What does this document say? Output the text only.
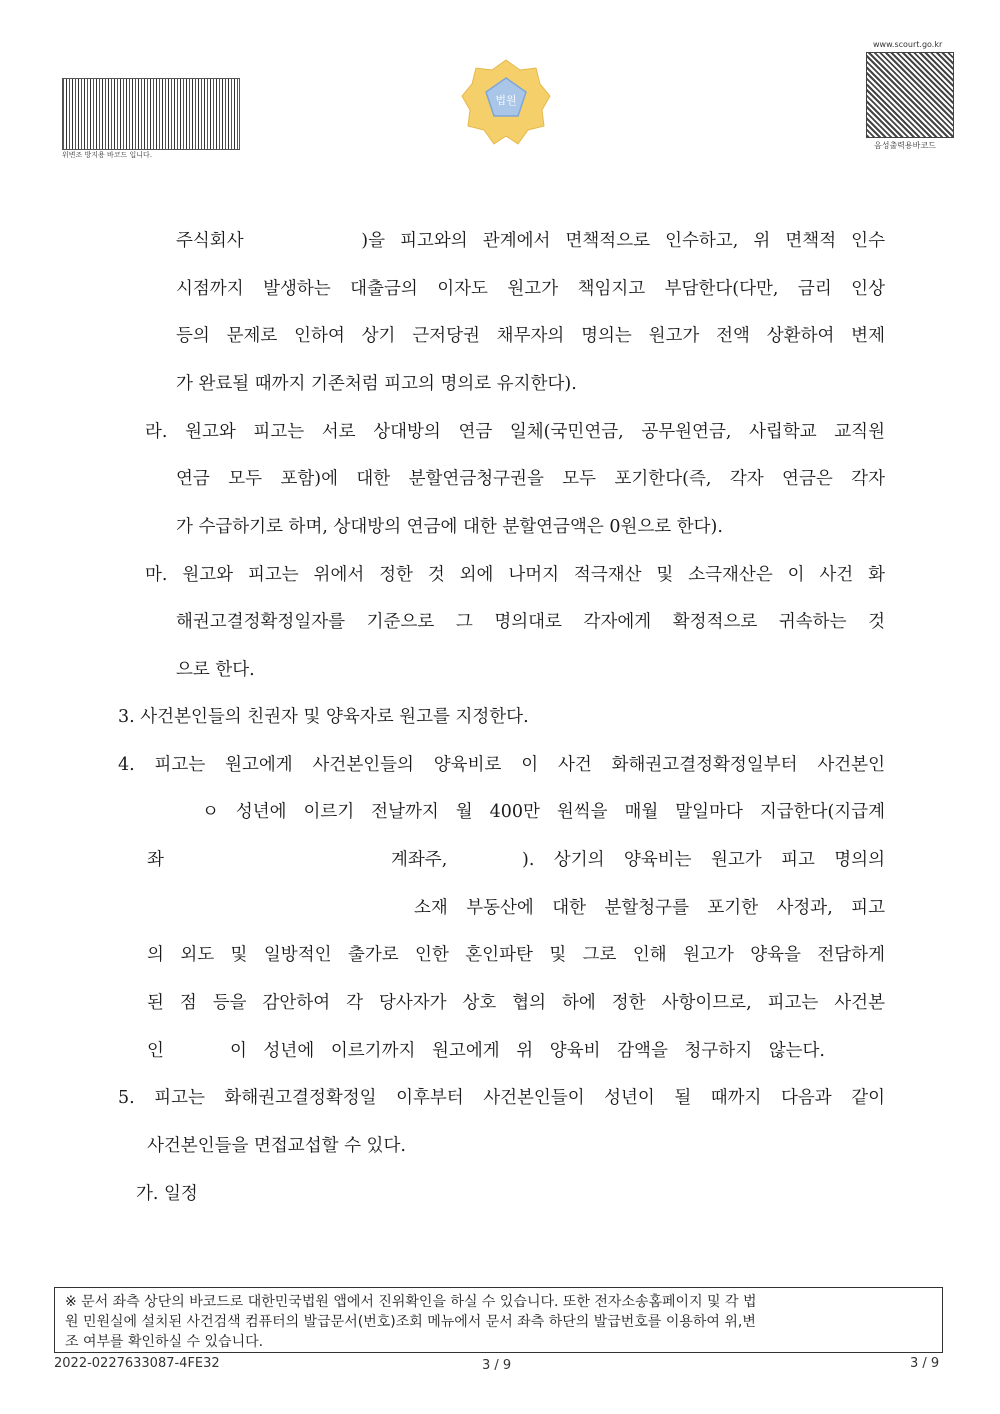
위변조 방지용 바코드 입니다.
법원
www.scourt.go.kr
음성출력용바코드
주식회사　　　　)을 피고와의 관계에서 면책적으로 인수하고, 위 면책적 인수
시점까지 발생하는 대출금의 이자도 원고가 책임지고 부담한다(다만, 금리 인상
등의 문제로 인하여 상기 근저당권 채무자의 명의는 원고가 전액 상환하여 변제
가 완료될 때까지 기존처럼 피고의 명의로 유지한다).
라. 원고와 피고는 서로 상대방의 연금 일체(국민연금, 공무원연금, 사립학교 교직원
연금 모두 포함)에 대한 분할연금청구권을 모두 포기한다(즉, 각자 연금은 각자
가 수급하기로 하며, 상대방의 연금에 대한 분할연금액은 0원으로 한다).
마. 원고와 피고는 위에서 정한 것 외에 나머지 적극재산 및 소극재산은 이 사건 화
해권고결정확정일자를 기준으로 그 명의대로 각자에게 확정적으로 귀속하는 것
으로 한다.
3. 사건본인들의 친권자 및 양육자로 원고를 지정한다.
4. 피고는 원고에게 사건본인들의 양육비로 이 사건 화해권고결정확정일부터 사건본인
ㅇ 성년에 이르기 전날까지 월 400만 원씩을 매월 말일마다 지급한다(지급계
좌	계좌주,	). 상기의 양육비는 원고가 피고 명의의
소재 부동산에 대한 분할청구를 포기한 사정과, 피고
의 외도 및 일방적인 출가로 인한 혼인파탄 및 그로 인해 원고가 양육을 전담하게
된 점 등을 감안하여 각 당사자가 상호 협의 하에 정한 사항이므로, 피고는 사건본
인	이 성년에 이르기까지 원고에게 위 양육비 감액을 청구하지 않는다.
5. 피고는 화해권고결정확정일 이후부터 사건본인들이 성년이 될 때까지 다음과 같이
사건본인들을 면접교섭할 수 있다.
가. 일정
※ 문서 좌측 상단의 바코드로 대한민국법원 앱에서 진위확인을 하실 수 있습니다. 또한 전자소송홈페이지 및 각 법
원 민원실에 설치된 사건검색 컴퓨터의 발급문서(번호)조회 메뉴에서 문서 좌측 하단의 발급번호를 이용하여 위,변
조 여부를 확인하실 수 있습니다.
2022-0227633087-4FE32	3 / 9	3 / 9
